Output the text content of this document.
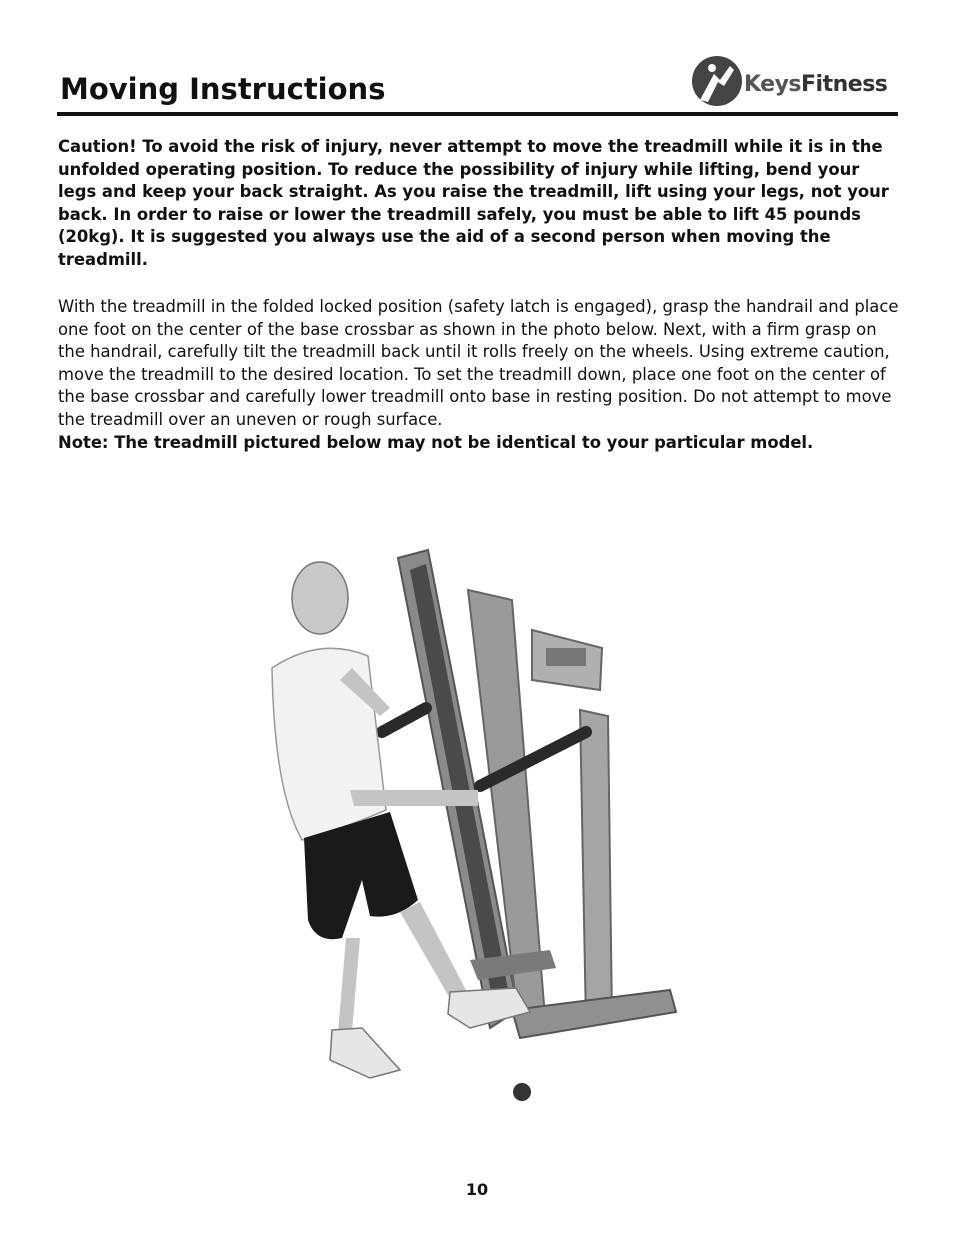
Moving Instructions	KeysFitness

Caution! To avoid the risk of injury, never attempt to move the treadmill while it is in the unfolded operating position. To reduce the possibility of injury while lifting, bend your legs and keep your back straight. As you raise the treadmill, lift using your legs, not your back. In order to raise or lower the treadmill safely, you must be able to lift 45 pounds (20kg). It is suggested you always use the aid of a second person when moving the treadmill.

With the treadmill in the folded locked position (safety latch is engaged), grasp the handrail and place one foot on the center of the base crossbar as shown in the photo below. Next, with a firm grasp on the handrail, carefully tilt the treadmill back until it rolls freely on the wheels. Using extreme caution, move the treadmill to the desired location. To set the treadmill down, place one foot on the center of the base crossbar and carefully lower treadmill onto base in resting position. Do not attempt to move the treadmill over an uneven or rough surface.
Note: The treadmill pictured below may not be identical to your particular model.

10
